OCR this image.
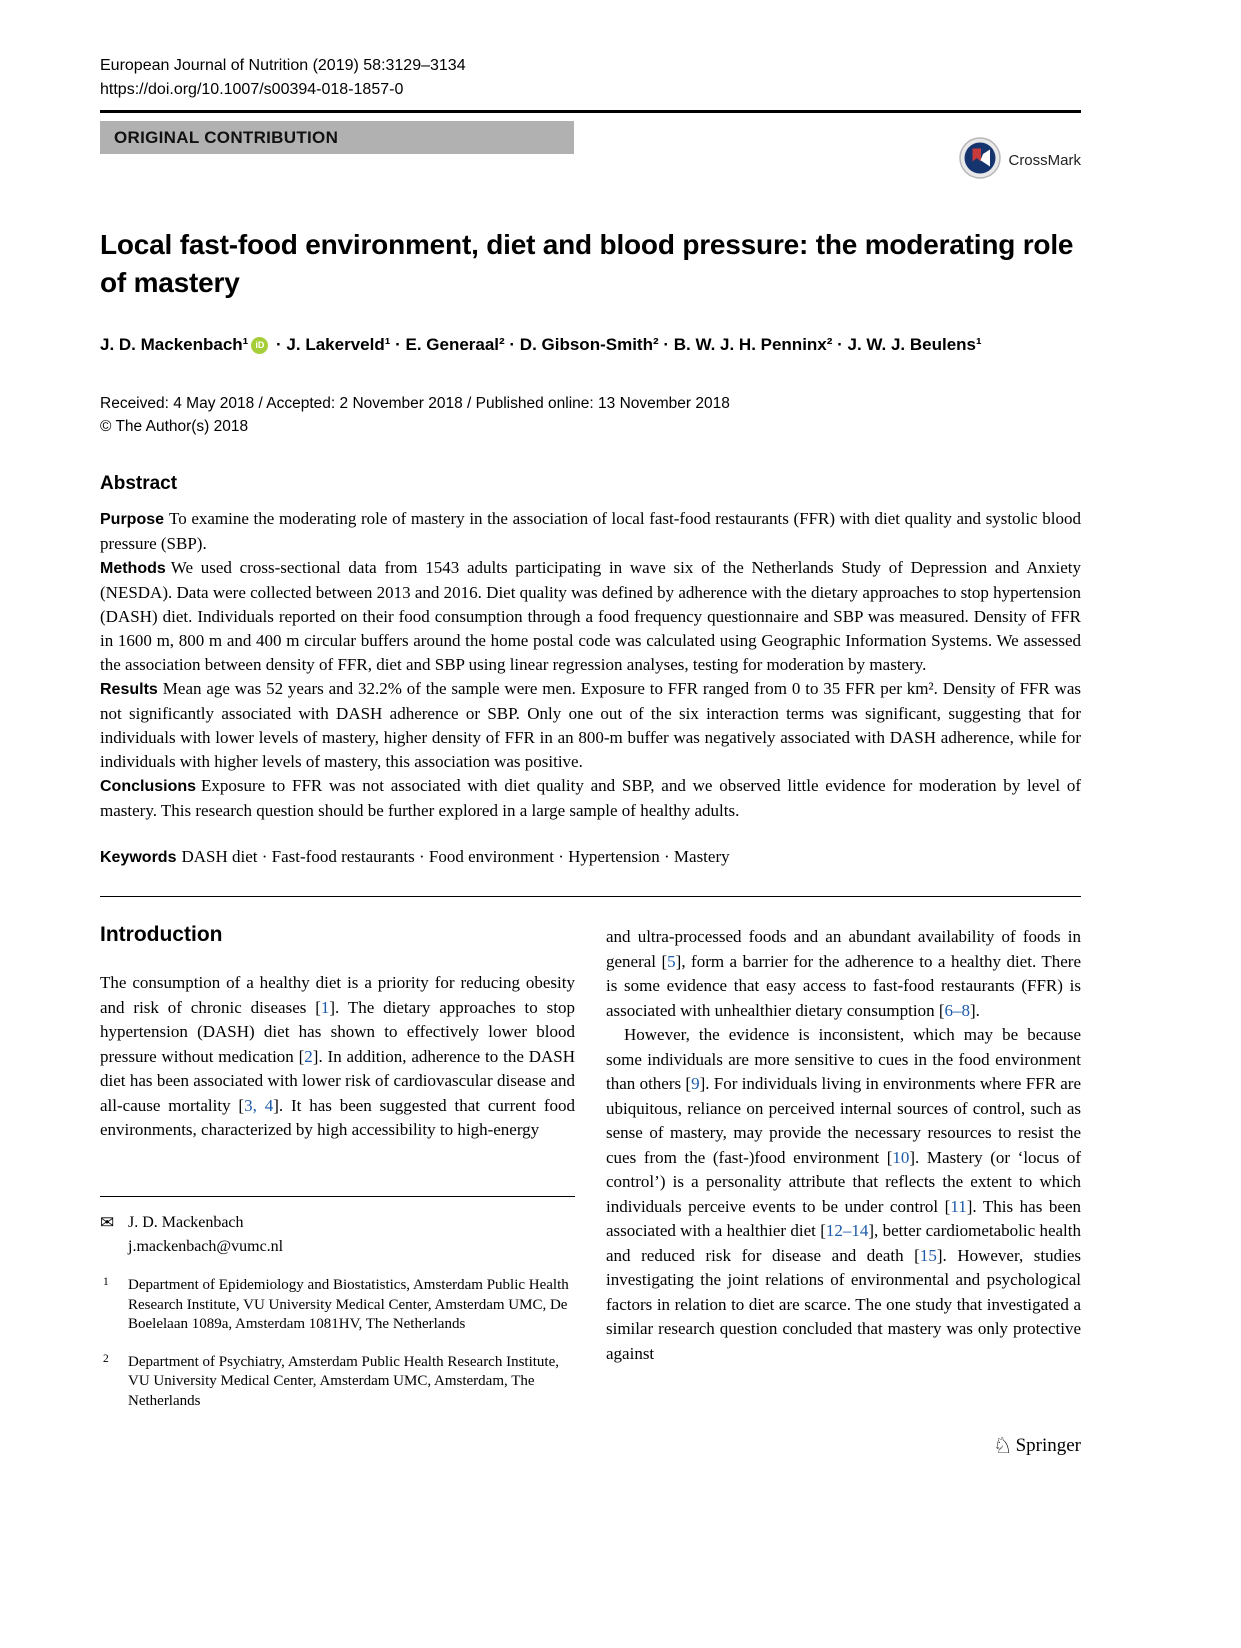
European Journal of Nutrition (2019) 58:3129–3134
https://doi.org/10.1007/s00394-018-1857-0
ORIGINAL CONTRIBUTION
CrossMark
Local fast-food environment, diet and blood pressure: the moderating role of mastery
J. D. Mackenbach¹ iD · J. Lakerveld¹ · E. Generaal² · D. Gibson-Smith² · B. W. J. H. Penninx² · J. W. J. Beulens¹
Received: 4 May 2018 / Accepted: 2 November 2018 / Published online: 13 November 2018
© The Author(s) 2018
Abstract

Purpose To examine the moderating role of mastery in the association of local fast-food restaurants (FFR) with diet quality and systolic blood pressure (SBP).

Methods We used cross-sectional data from 1543 adults participating in wave six of the Netherlands Study of Depression and Anxiety (NESDA). Data were collected between 2013 and 2016. Diet quality was defined by adherence with the dietary approaches to stop hypertension (DASH) diet. Individuals reported on their food consumption through a food frequency questionnaire and SBP was measured. Density of FFR in 1600 m, 800 m and 400 m circular buffers around the home postal code was calculated using Geographic Information Systems. We assessed the association between density of FFR, diet and SBP using linear regression analyses, testing for moderation by mastery.

Results Mean age was 52 years and 32.2% of the sample were men. Exposure to FFR ranged from 0 to 35 FFR per km². Density of FFR was not significantly associated with DASH adherence or SBP. Only one out of the six interaction terms was significant, suggesting that for individuals with lower levels of mastery, higher density of FFR in an 800-m buffer was negatively associated with DASH adherence, while for individuals with higher levels of mastery, this association was positive.

Conclusions Exposure to FFR was not associated with diet quality and SBP, and we observed little evidence for moderation by level of mastery. This research question should be further explored in a large sample of healthy adults.

Keywords DASH diet · Fast-food restaurants · Food environment · Hypertension · Mastery

Introduction

The consumption of a healthy diet is a priority for reducing obesity and risk of chronic diseases [1]. The dietary approaches to stop hypertension (DASH) diet has shown to effectively lower blood pressure without medication [2]. In addition, adherence to the DASH diet has been associated with lower risk of cardiovascular disease and all-cause mortality [3, 4]. It has been suggested that current food environments, characterized by high accessibility to high-energy

✉ J. D. Mackenbach
j.mackenbach@vumc.nl
1	Department of Epidemiology and Biostatistics, Amsterdam Public Health Research Institute, VU University Medical Center, Amsterdam UMC, De Boelelaan 1089a, Amsterdam 1081HV, The Netherlands
2	Department of Psychiatry, Amsterdam Public Health Research Institute, VU University Medical Center, Amsterdam UMC, Amsterdam, The Netherlands

and ultra-processed foods and an abundant availability of foods in general [5], form a barrier for the adherence to a healthy diet. There is some evidence that easy access to fast-food restaurants (FFR) is associated with unhealthier dietary consumption [6–8].

However, the evidence is inconsistent, which may be because some individuals are more sensitive to cues in the food environment than others [9]. For individuals living in environments where FFR are ubiquitous, reliance on perceived internal sources of control, such as sense of mastery, may provide the necessary resources to resist the cues from the (fast-)food environment [10]. Mastery (or ‘locus of control’) is a personality attribute that reflects the extent to which individuals perceive events to be under control [11]. This has been associated with a healthier diet [12–14], better cardiometabolic health and reduced risk for disease and death [15]. However, studies investigating the joint relations of environmental and psychological factors in relation to diet are scarce. The one study that investigated a similar research question concluded that mastery was only protective against

♘ Springer
